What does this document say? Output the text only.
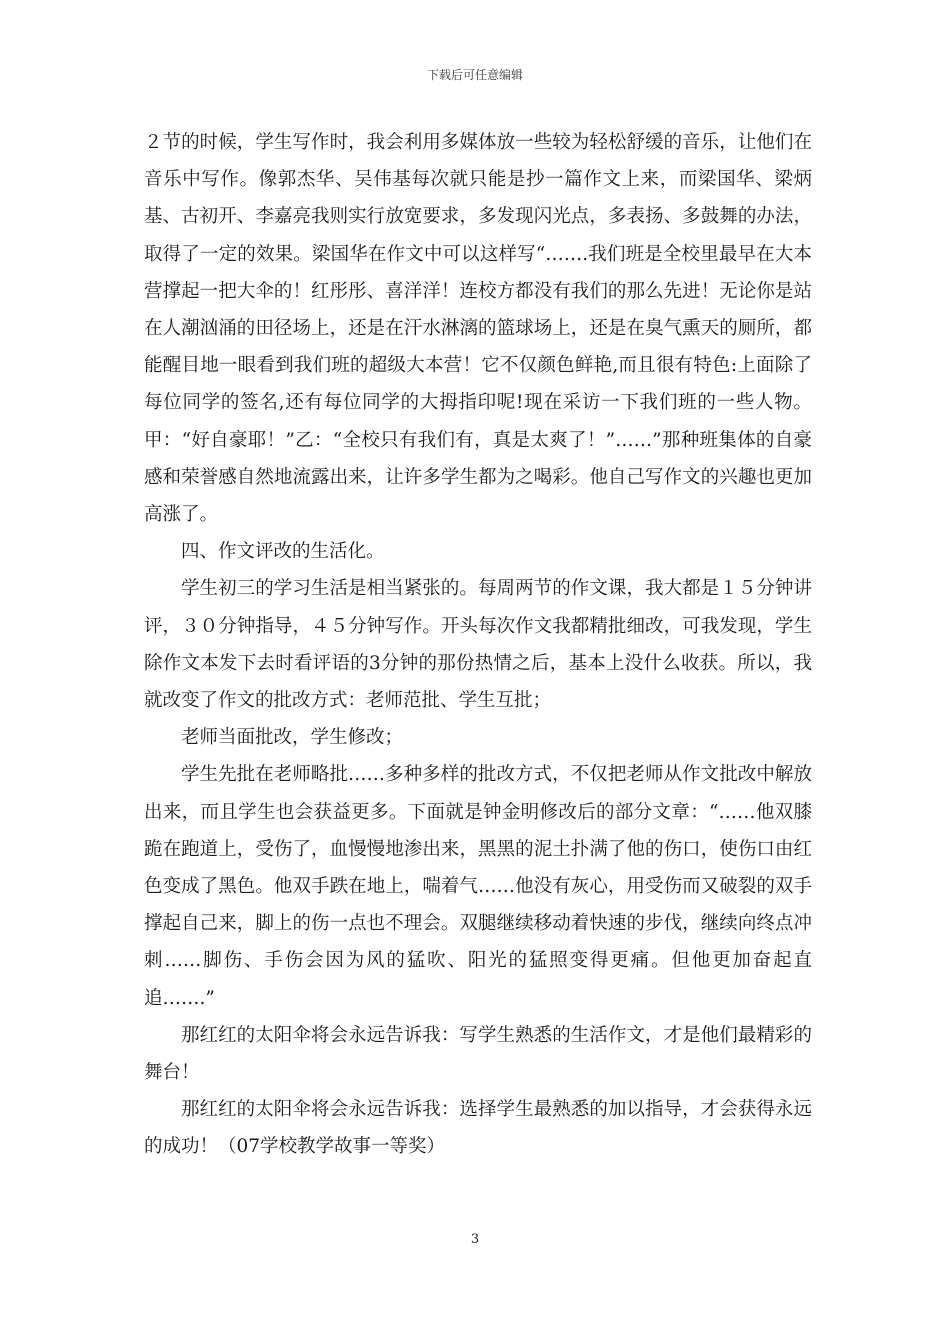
下载后可任意编辑

２节的时候，学生写作时，我会利用多媒体放一些较为轻松舒缓的音乐，让他们在音乐中写作。像郭杰华、吴伟基每次就只能是抄一篇作文上来，而梁国华、梁炳基、古初开、李嘉亮我则实行放宽要求，多发现闪光点，多表扬、多鼓舞的办法，取得了一定的效果。梁国华在作文中可以这样写“…….我们班是全校里最早在大本营撑起一把大伞的！红彤彤、喜洋洋！连校方都没有我们的那么先进！无论你是站在人潮汹涌的田径场上，还是在汗水淋漓的篮球场上，还是在臭气熏天的厕所，都能醒目地一眼看到我们班的超级大本营！它不仅颜色鲜艳,而且很有特色:上面除了每位同学的签名,还有每位同学的大拇指印呢!现在采访一下我们班的一些人物。甲：“好自豪耶！”乙：“全校只有我们有，真是太爽了！”……”那种班集体的自豪感和荣誉感自然地流露出来，让许多学生都为之喝彩。他自己写作文的兴趣也更加高涨了。

四、作文评改的生活化。

学生初三的学习生活是相当紧张的。每周两节的作文课，我大都是１５分钟讲评，３０分钟指导，４５分钟写作。开头每次作文我都精批细改，可我发现，学生除作文本发下去时看评语的3分钟的那份热情之后，基本上没什么收获。所以，我就改变了作文的批改方式：老师范批、学生互批；

老师当面批改，学生修改；

学生先批在老师略批……多种多样的批改方式，不仅把老师从作文批改中解放出来，而且学生也会获益更多。下面就是钟金明修改后的部分文章：“……他双膝跪在跑道上，受伤了，血慢慢地渗出来，黑黑的泥土扑满了他的伤口，使伤口由红色变成了黑色。他双手跌在地上，喘着气……他没有灰心，用受伤而又破裂的双手撑起自己来，脚上的伤一点也不理会。双腿继续移动着快速的步伐，继续向终点冲刺……脚伤、手伤会因为风的猛吹、阳光的猛照变得更痛。但他更加奋起直追…….”

那红红的太阳伞将会永远告诉我：写学生熟悉的生活作文，才是他们最精彩的舞台！

那红红的太阳伞将会永远告诉我：选择学生最熟悉的加以指导，才会获得永远的成功！（07学校教学故事一等奖）

3
